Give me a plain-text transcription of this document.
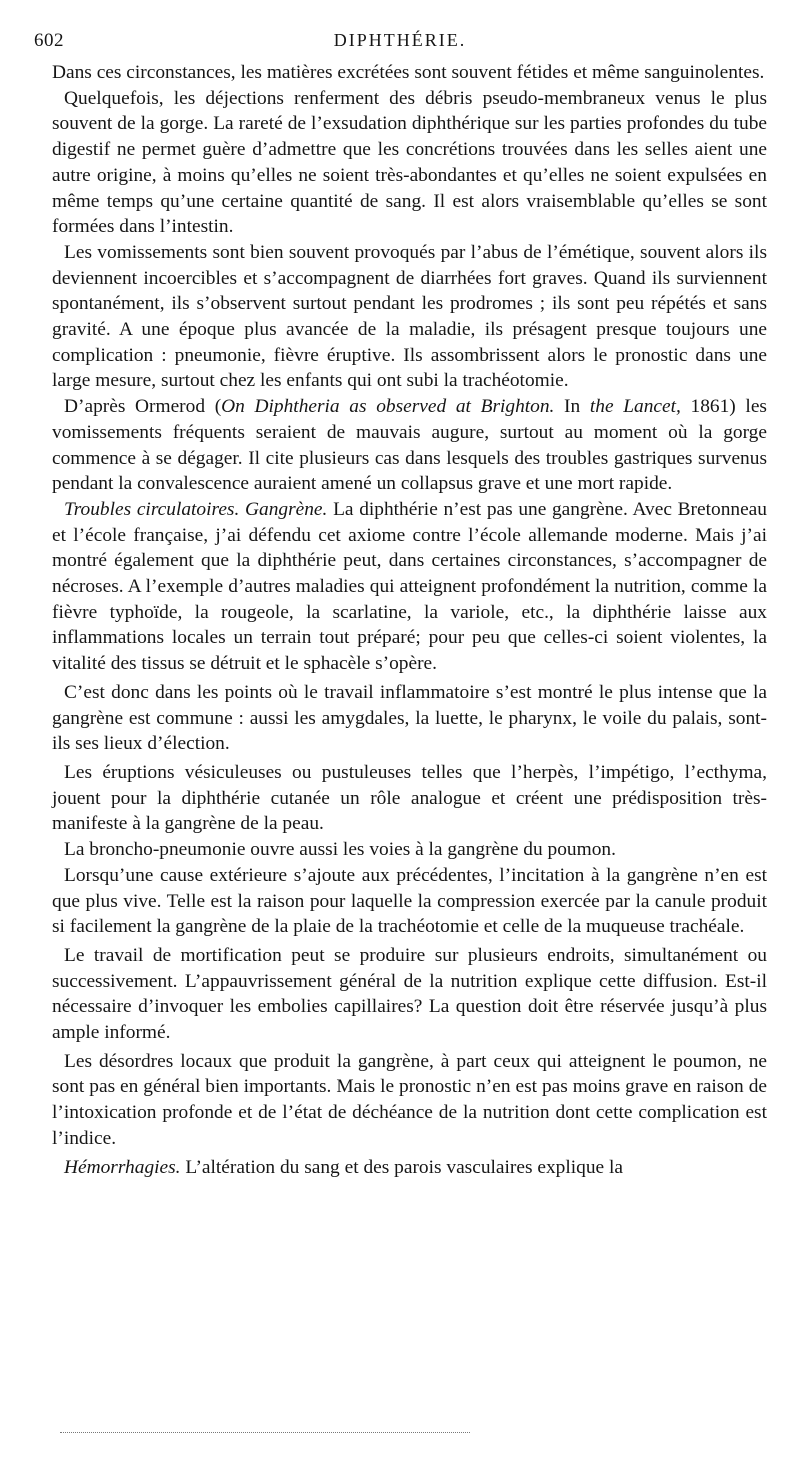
602	DIPHTHÉRIE.

Dans ces circonstances, les matières excrétées sont souvent fétides et même sanguinolentes.

Quelquefois, les déjections renferment des débris pseudo-membraneux venus le plus souvent de la gorge. La rareté de l’exsudation diphthérique sur les parties profondes du tube digestif ne permet guère d’admettre que les concrétions trouvées dans les selles aient une autre origine, à moins qu’elles ne soient très-abondantes et qu’elles ne soient expulsées en même temps qu’une certaine quantité de sang. Il est alors vraisemblable qu’elles se sont formées dans l’intestin.

Les vomissements sont bien souvent provoqués par l’abus de l’émétique, souvent alors ils deviennent incoercibles et s’accompagnent de diarrhées fort graves. Quand ils surviennent spontanément, ils s’observent surtout pendant les prodromes ; ils sont peu répétés et sans gravité. A une époque plus avancée de la maladie, ils présagent presque toujours une complication : pneumonie, fièvre éruptive. Ils assombrissent alors le pronostic dans une large mesure, surtout chez les enfants qui ont subi la trachéotomie.

D’après Ormerod (On Diphtheria as observed at Brighton. In the Lancet, 1861) les vomissements fréquents seraient de mauvais augure, surtout au moment où la gorge commence à se dégager. Il cite plusieurs cas dans lesquels des troubles gastriques survenus pendant la convalescence auraient amené un collapsus grave et une mort rapide.

Troubles circulatoires. Gangrène. La diphthérie n’est pas une gangrène. Avec Bretonneau et l’école française, j’ai défendu cet axiome contre l’école allemande moderne. Mais j’ai montré également que la diphthérie peut, dans certaines circonstances, s’accompagner de nécroses. A l’exemple d’autres maladies qui atteignent profondément la nutrition, comme la fièvre typhoïde, la rougeole, la scarlatine, la variole, etc., la diphthérie laisse aux inflammations locales un terrain tout préparé; pour peu que celles-ci soient violentes, la vitalité des tissus se détruit et le sphacèle s’opère.

C’est donc dans les points où le travail inflammatoire s’est montré le plus intense que la gangrène est commune : aussi les amygdales, la luette, le pharynx, le voile du palais, sont-ils ses lieux d’élection.

Les éruptions vésiculeuses ou pustuleuses telles que l’herpès, l’impétigo, l’ecthyma, jouent pour la diphthérie cutanée un rôle analogue et créent une prédisposition très-manifeste à la gangrène de la peau.

La broncho-pneumonie ouvre aussi les voies à la gangrène du poumon.

Lorsqu’une cause extérieure s’ajoute aux précédentes, l’incitation à la gangrène n’en est que plus vive. Telle est la raison pour laquelle la compression exercée par la canule produit si facilement la gangrène de la plaie de la trachéotomie et celle de la muqueuse trachéale.

Le travail de mortification peut se produire sur plusieurs endroits, simultanément ou successivement. L’appauvrissement général de la nutrition explique cette diffusion. Est-il nécessaire d’invoquer les embolies capillaires? La question doit être réservée jusqu’à plus ample informé.

Les désordres locaux que produit la gangrène, à part ceux qui atteignent le poumon, ne sont pas en général bien importants. Mais le pronostic n’en est pas moins grave en raison de l’intoxication profonde et de l’état de déchéance de la nutrition dont cette complication est l’indice.

Hémorrhagies. L’altération du sang et des parois vasculaires explique la
